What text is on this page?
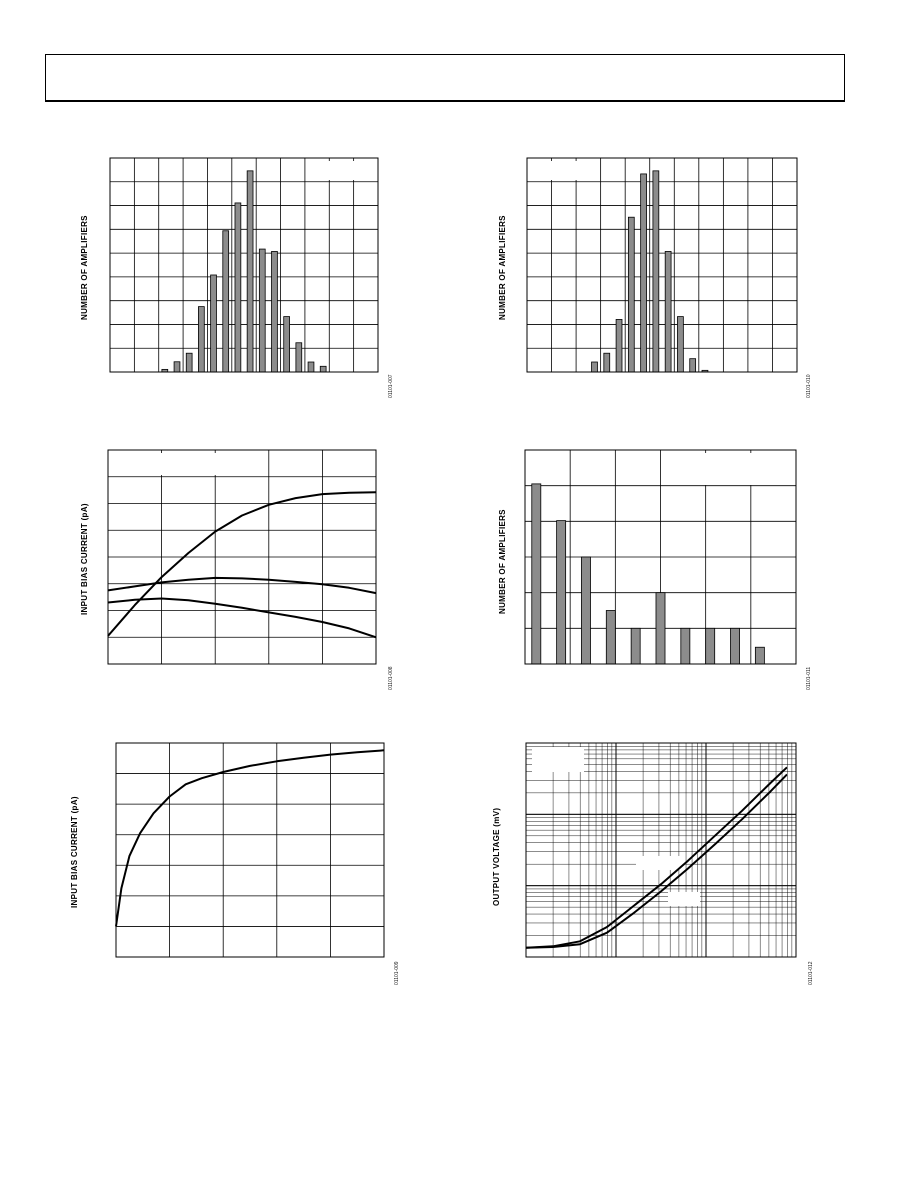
NUMBER OF AMPLIFIERS
01101-007
NUMBER OF AMPLIFIERS
01101-010
INPUT BIAS CURRENT (pA)
01101-008
NUMBER OF AMPLIFIERS
01101-011
INPUT BIAS CURRENT (pA)
01101-009
OUTPUT VOLTAGE (mV)
01101-012
